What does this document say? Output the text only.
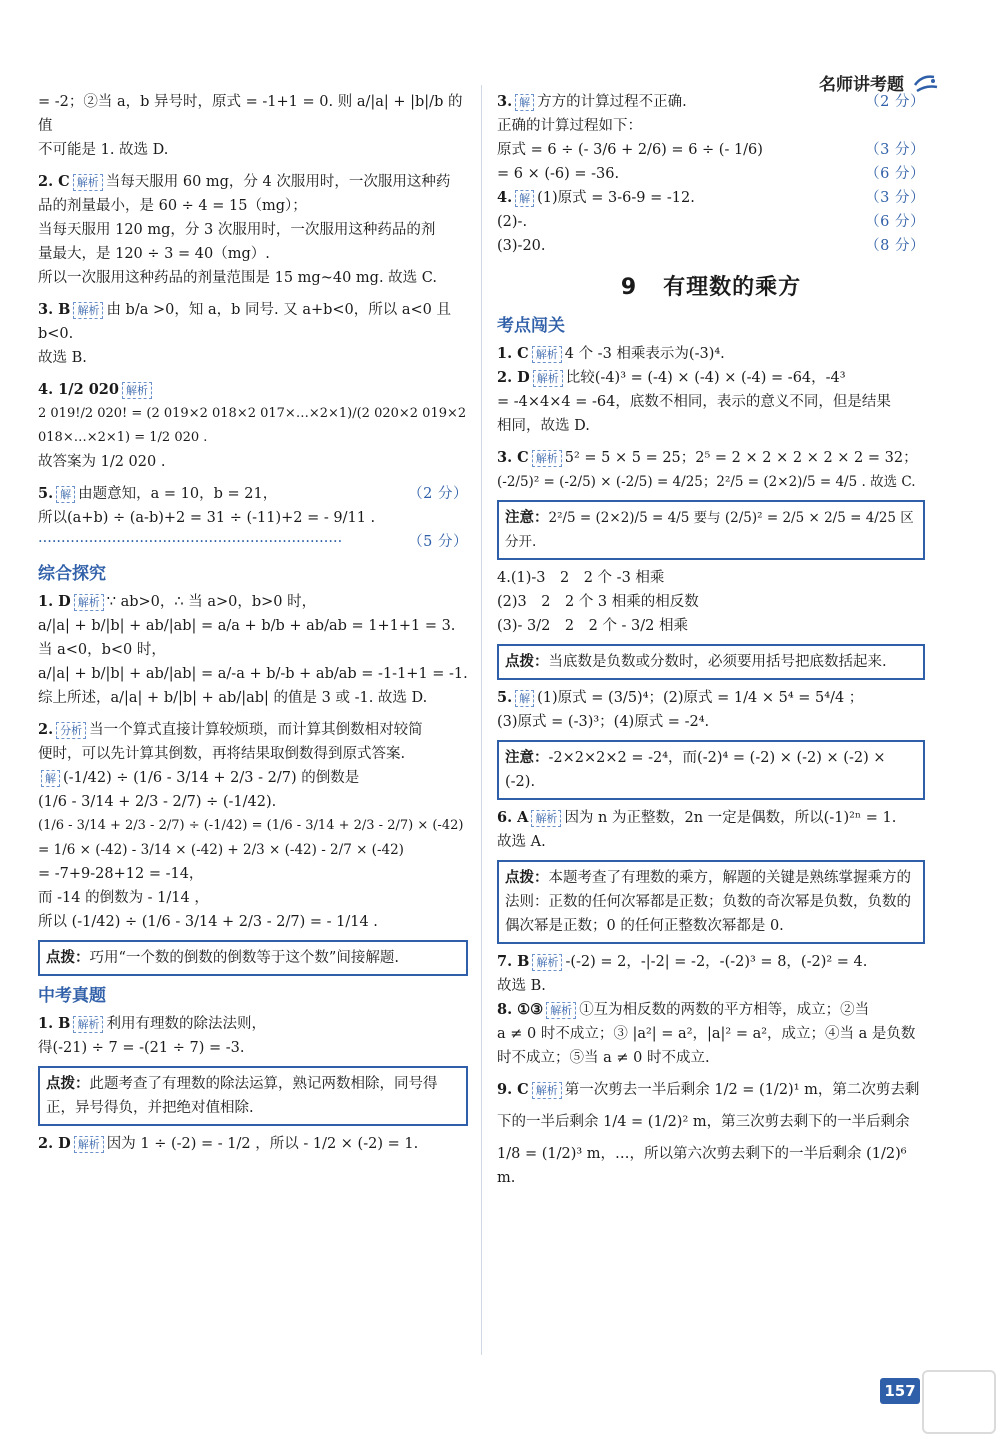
名师讲考题

= -2；②当 a，b 异号时，原式 = -1+1 = 0. 则 a/|a| + |b|/b 的值

不可能是 1. 故选 D.

2. C 解析 当每天服用 60 mg，分 4 次服用时，一次服用这种药

品的剂量最小，是 60 ÷ 4 = 15（mg）；

当每天服用 120 mg，分 3 次服用时，一次服用这种药品的剂

量最大，是 120 ÷ 3 = 40（mg）.

所以一次服用这种药品的剂量范围是 15 mg~40 mg. 故选 C.

3. B 解析 由 b/a >0，知 a，b 同号. 又 a+b<0，所以 a<0 且 b<0.

故选 B.

4. 1/2 020 解析

2 019!/2 020! = (2 019×2 018×2 017×…×2×1)/(2 020×2 019×2 018×…×2×1) = 1/2 020 .

故答案为 1/2 020 .

5. 解 由题意知，a = 10，b = 21，	（2 分）

所以(a+b) ÷ (a-b)+2 = 31 ÷ (-11)+2 = - 9/11 .

··································································	（5 分）

综合探究

1. D 解析 ∵ ab>0，∴ 当 a>0，b>0 时，

a/|a| + b/|b| + ab/|ab| = a/a + b/b + ab/ab = 1+1+1 = 3.

当 a<0，b<0 时，

a/|a| + b/|b| + ab/|ab| = a/-a + b/-b + ab/ab = -1-1+1 = -1.

综上所述，a/|a| + b/|b| + ab/|ab| 的值是 3 或 -1. 故选 D.

2. 分析 当一个算式直接计算较烦琐，而计算其倒数相对较简

便时，可以先计算其倒数，再将结果取倒数得到原式答案.

解 (-1/42) ÷ (1/6 - 3/14 + 2/3 - 2/7) 的倒数是

(1/6 - 3/14 + 2/3 - 2/7) ÷ (-1/42).

(1/6 - 3/14 + 2/3 - 2/7) ÷ (-1/42) = (1/6 - 3/14 + 2/3 - 2/7) × (-42)

= 1/6 × (-42) - 3/14 × (-42) + 2/3 × (-42) - 2/7 × (-42)

= -7+9-28+12 = -14，

而 -14 的倒数为 - 1/14 ，

所以 (-1/42) ÷ (1/6 - 3/14 + 2/3 - 2/7) = - 1/14 .

点拨：巧用“一个数的倒数的倒数等于这个数”间接解题.
中考真题

1. B 解析 利用有理数的除法法则，

得(-21) ÷ 7 = -(21 ÷ 7) = -3.

点拨：此题考查了有理数的除法运算，熟记两数相除，同号得正，异号得负，并把绝对值相除.

2. D 解析 因为 1 ÷ (-2) = - 1/2 ，所以 - 1/2 × (-2) = 1.

3. 解 方方的计算过程不正确.	（2 分）

正确的计算过程如下：

原式 = 6 ÷ (- 3/6 + 2/6) = 6 ÷ (- 1/6)	（3 分）

= 6 × (-6) = -36.	（6 分）

4. 解 (1)原式 = 3-6-9 = -12.	（3 分）

(2)-.	（6 分）

(3)-20.	（8 分）

9 有理数的乘方
考点闯关

1. C 解析 4 个 -3 相乘表示为(-3)⁴.

2. D 解析 比较(-4)³ = (-4) × (-4) × (-4) = -64，-4³

= -4×4×4 = -64，底数不相同，表示的意义不同，但是结果

相同，故选 D.

3. C 解析 5² = 5 × 5 = 25；2⁵ = 2 × 2 × 2 × 2 × 2 = 32；

(-2/5)² = (-2/5) × (-2/5) = 4/25；2²/5 = (2×2)/5 = 4/5 . 故选 C.

注意：2²/5 = (2×2)/5 = 4/5 要与 (2/5)² = 2/5 × 2/5 = 4/25 区分开.

4.(1)-3　2　2 个 -3 相乘

(2)3　2　2 个 3 相乘的相反数

(3)- 3/2　2　2 个 - 3/2 相乘

点拨：当底数是负数或分数时，必须要用括号把底数括起来.

5. 解 (1)原式 = (3/5)⁴；(2)原式 = 1/4 × 5⁴ = 5⁴/4 ；

(3)原式 = (-3)³；(4)原式 = -2⁴.

注意：-2×2×2×2 = -2⁴，而(-2)⁴ = (-2) × (-2) × (-2) × (-2).

6. A 解析 因为 n 为正整数，2n 一定是偶数，所以(-1)²ⁿ = 1.

故选 A.

点拨：本题考查了有理数的乘方，解题的关键是熟练掌握乘方的法则：正数的任何次幂都是正数；负数的奇次幂是负数，负数的偶次幂是正数；0 的任何正整数次幂都是 0.

7. B 解析 -(-2) = 2，-|-2| = -2，-(-2)³ = 8，(-2)² = 4.

故选 B.

8. ①③ 解析 ①互为相反数的两数的平方相等，成立；②当

a ≠ 0 时不成立；③ |a²| = a²，|a|² = a²，成立；④当 a 是负数

时不成立；⑤当 a ≠ 0 时不成立.

9. C 解析 第一次剪去一半后剩余 1/2 = (1/2)¹ m，第二次剪去剩

下的一半后剩余 1/4 = (1/2)² m，第三次剪去剩下的一半后剩余

1/8 = (1/2)³ m，…，所以第六次剪去剩下的一半后剩余 (1/2)⁶ m.

157
